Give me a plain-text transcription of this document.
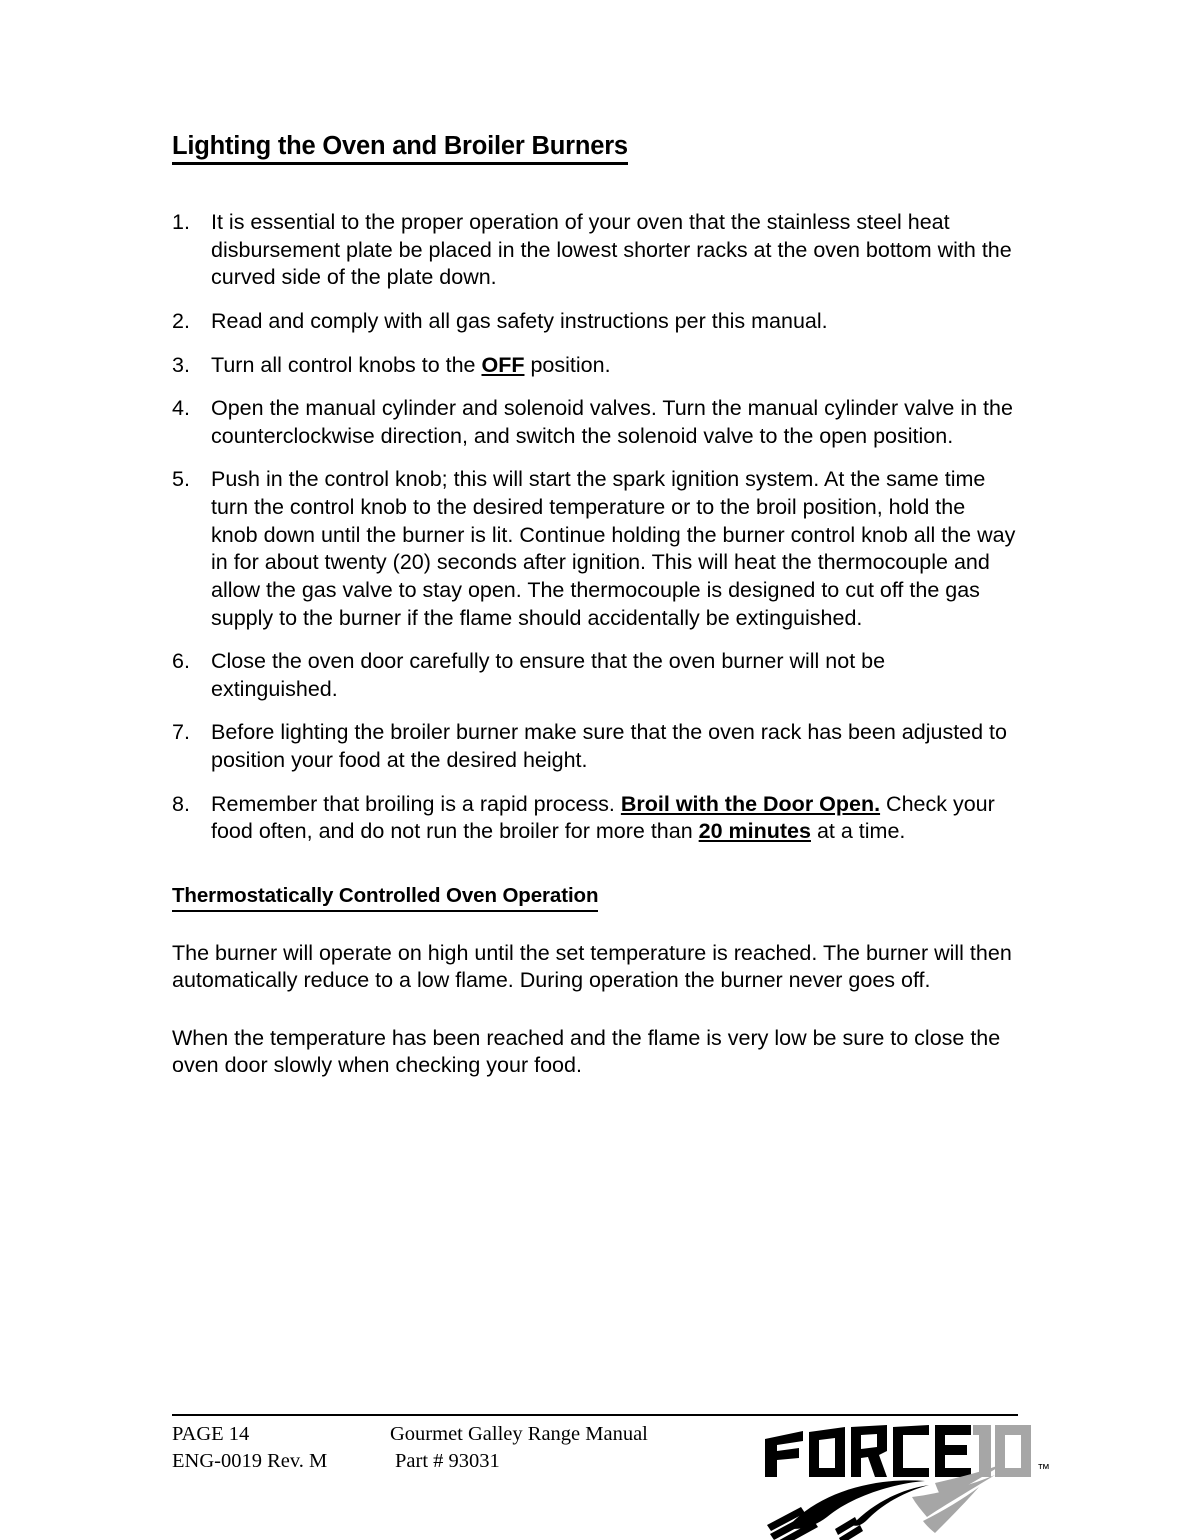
Lighting the Oven and Broiler Burners
1. It is essential to the proper operation of your oven that the stainless steel heat disbursement plate be placed in the lowest shorter racks at the oven bottom with the curved side of the plate down.
2. Read and comply with all gas safety instructions per this manual.
3. Turn all control knobs to the OFF position.
4. Open the manual cylinder and solenoid valves. Turn the manual cylinder valve in the counterclockwise direction, and switch the solenoid valve to the open position.
5. Push in the control knob; this will start the spark ignition system. At the same time turn the control knob to the desired temperature or to the broil position, hold the knob down until the burner is lit. Continue holding the burner control knob all the way in for about twenty (20) seconds after ignition. This will heat the thermocouple and allow the gas valve to stay open. The thermocouple is designed to cut off the gas supply to the burner if the flame should accidentally be extinguished.
6. Close the oven door carefully to ensure that the oven burner will not be extinguished.
7. Before lighting the broiler burner make sure that the oven rack has been adjusted to position your food at the desired height.
8. Remember that broiling is a rapid process. Broil with the Door Open. Check your food often, and do not run the broiler for more than 20 minutes at a time.
Thermostatically Controlled Oven Operation

The burner will operate on high until the set temperature is reached. The burner will then automatically reduce to a low flame. During operation the burner never goes off.

When the temperature has been reached and the flame is very low be sure to close the oven door slowly when checking your food.

PAGE 14	Gourmet Galley Range Manual
ENG-0019 Rev. M	Part # 93031	™
